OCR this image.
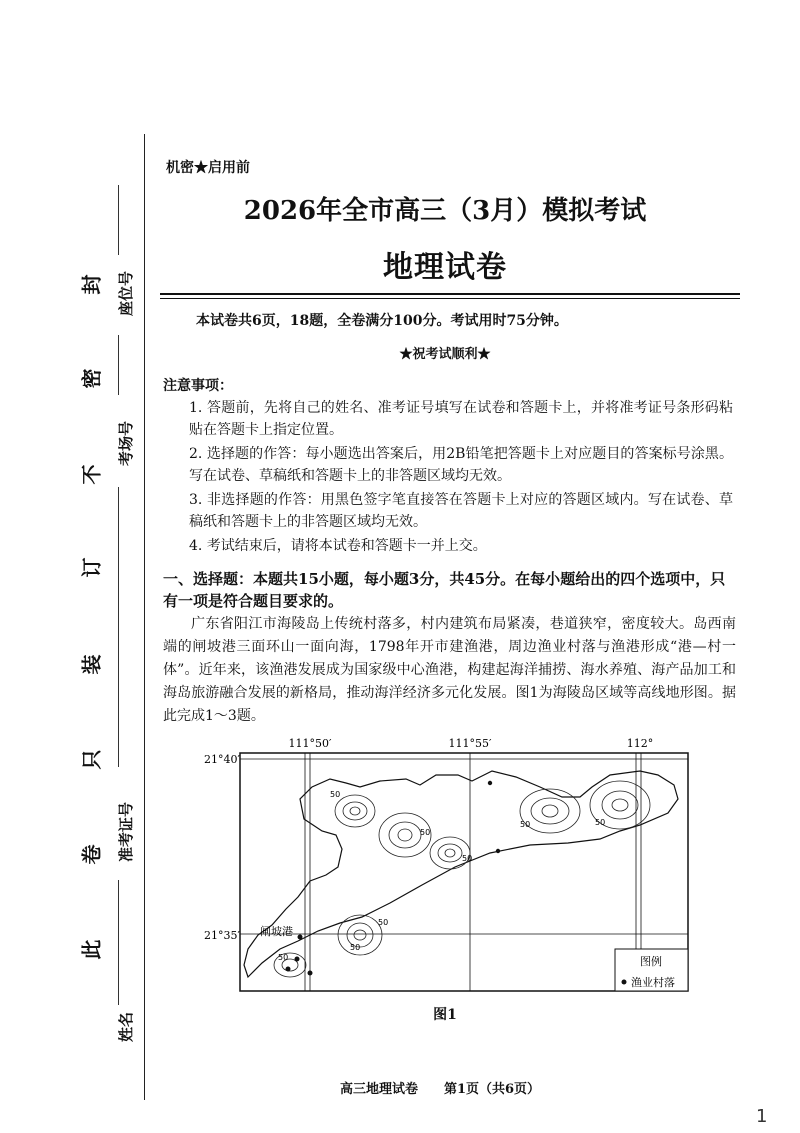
封
密
不
订
装
只
卷
此
座位号
考场号
准考证号
姓名
机密★启用前
2026年全市高三（3月）模拟考试
地理试卷
本试卷共6页，18题，全卷满分100分。考试用时75分钟。
★祝考试顺利★
注意事项：
1. 答题前，先将自己的姓名、准考证号填写在试卷和答题卡上，并将准考证号条形码粘贴在答题卡上指定位置。
2. 选择题的作答：每小题选出答案后，用2B铅笔把答题卡上对应题目的答案标号涂黑。写在试卷、草稿纸和答题卡上的非答题区域均无效。
3. 非选择题的作答：用黑色签字笔直接答在答题卡上对应的答题区域内。写在试卷、草稿纸和答题卡上的非答题区域均无效。
4. 考试结束后，请将本试卷和答题卡一并上交。
一、选择题：本题共15小题，每小题3分，共45分。在每小题给出的四个选项中，只有一项是符合题目要求的。
广东省阳江市海陵岛上传统村落多，村内建筑布局紧凑，巷道狭窄，密度较大。岛西南端的闸坡港三面环山一面向海，1798年开市建渔港，周边渔业村落与渔港形成“港—村一体”。近年来，该渔港发展成为国家级中心渔港，构建起海洋捕捞、海水养殖、海产品加工和海岛旅游融合发展的新格局，推动海洋经济多元化发展。图1为海陵岛区域等高线地形图。据此完成1～3题。
111°50′	111°55′	112°
21°40′
21°35′
50
50
50
50	50
50
50
50
闸坡港
图例
渔业村落
图1
高三地理试卷　　第1页（共6页）
1
